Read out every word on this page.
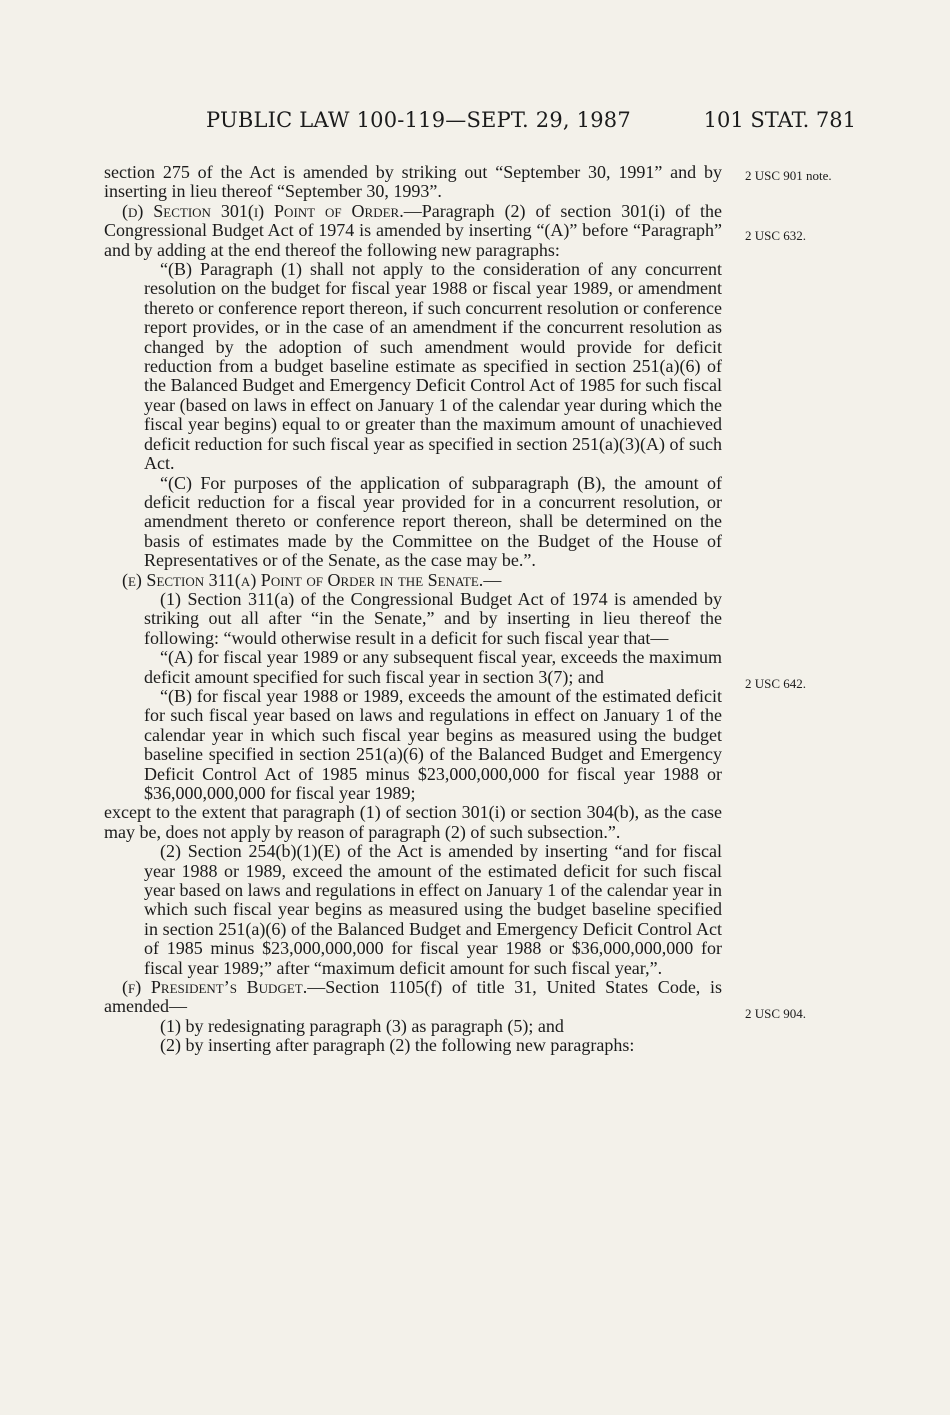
PUBLIC LAW 100-119—SEPT. 29, 1987	101 STAT. 781
2 USC 901 note.
2 USC 632.
2 USC 642.
2 USC 904.

section 275 of the Act is amended by striking out “September 30, 1991” and by inserting in lieu thereof “September 30, 1993”.

(d) Section 301(i) Point of Order.—Paragraph (2) of section 301(i) of the Congressional Budget Act of 1974 is amended by inserting “(A)” before “Paragraph” and by adding at the end thereof the following new paragraphs:

“(B) Paragraph (1) shall not apply to the consideration of any concurrent resolution on the budget for fiscal year 1988 or fiscal year 1989, or amendment thereto or conference report thereon, if such concurrent resolution or conference report provides, or in the case of an amendment if the concurrent resolution as changed by the adoption of such amendment would provide for deficit reduction from a budget baseline estimate as specified in section 251(a)(6) of the Balanced Budget and Emergency Deficit Control Act of 1985 for such fiscal year (based on laws in effect on January 1 of the calendar year during which the fiscal year begins) equal to or greater than the maximum amount of unachieved deficit reduction for such fiscal year as specified in section 251(a)(3)(A) of such Act.

“(C) For purposes of the application of subparagraph (B), the amount of deficit reduction for a fiscal year provided for in a concurrent resolution, or amendment thereto or conference report thereon, shall be determined on the basis of estimates made by the Committee on the Budget of the House of Representatives or of the Senate, as the case may be.”.

(e) Section 311(a) Point of Order in the Senate.—

(1) Section 311(a) of the Congressional Budget Act of 1974 is amended by striking out all after “in the Senate,” and by inserting in lieu thereof the following: “would otherwise result in a deficit for such fiscal year that—

“(A) for fiscal year 1989 or any subsequent fiscal year, exceeds the maximum deficit amount specified for such fiscal year in section 3(7); and

“(B) for fiscal year 1988 or 1989, exceeds the amount of the estimated deficit for such fiscal year based on laws and regulations in effect on January 1 of the calendar year in which such fiscal year begins as measured using the budget baseline specified in section 251(a)(6) of the Balanced Budget and Emergency Deficit Control Act of 1985 minus $23,000,000,000 for fiscal year 1988 or $36,000,000,000 for fiscal year 1989;

except to the extent that paragraph (1) of section 301(i) or section 304(b), as the case may be, does not apply by reason of paragraph (2) of such subsection.”.

(2) Section 254(b)(1)(E) of the Act is amended by inserting “and for fiscal year 1988 or 1989, exceed the amount of the estimated deficit for such fiscal year based on laws and regulations in effect on January 1 of the calendar year in which such fiscal year begins as measured using the budget baseline specified in section 251(a)(6) of the Balanced Budget and Emergency Deficit Control Act of 1985 minus $23,000,000,000 for fiscal year 1988 or $36,000,000,000 for fiscal year 1989;” after “maximum deficit amount for such fiscal year,”.

(f) President’s Budget.—Section 1105(f) of title 31, United States Code, is amended—

(1) by redesignating paragraph (3) as paragraph (5); and

(2) by inserting after paragraph (2) the following new paragraphs:
